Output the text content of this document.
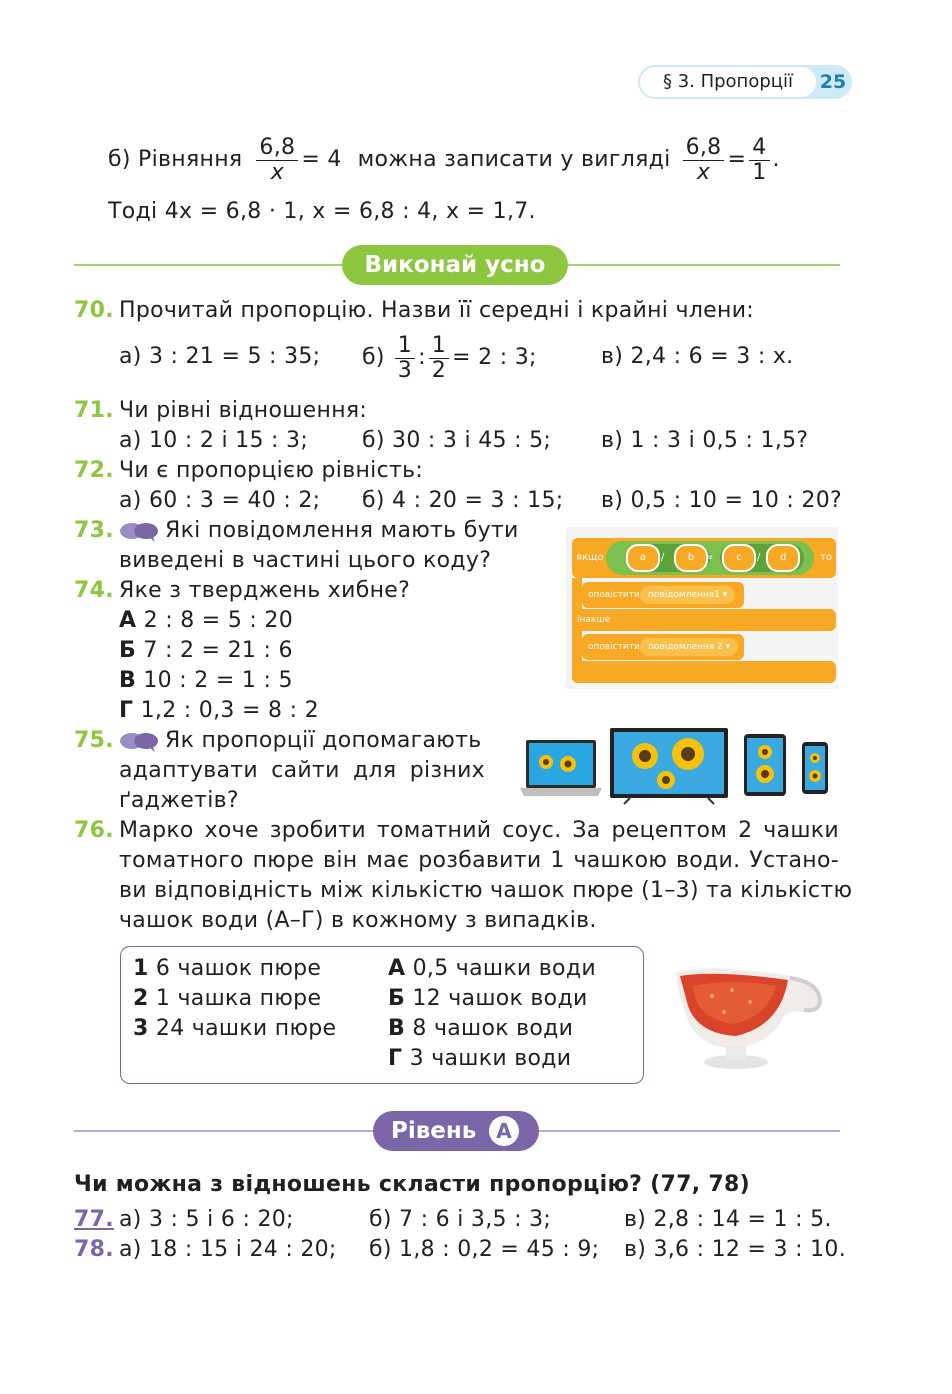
§ 3. Пропорції	25
б) Рівняння $\frac{6,8}{x} = 4$ можна записати у вигляді $\frac{6,8}{x} = \frac{4}{1}$ .
Тоді 4x = 6,8 · 1, x = 6,8 : 4, x = 1,7.
Виконай усно
70. Прочитай пропорцію. Назви її середні і крайні члени:
а) 3 : 21 = 5 : 35; $б) \frac{1}{3}$ : $\frac{1}{2} = 2$ : 3;	в) 2,4 : 6 = 3 : x.
71. Чи рівні відношення:
а) 10 : 2 і 15 : 3; б) 30 : 3 і 45 : 5; в) 1 : 3 і 0,5 : 1,5?
72. Чи є пропорцією рівність:
а) 60 : 3 = 40 : 2; б) 4 : 20 = 3 : 15; в) 0,5 : 10 = 10 : 20?
73.	Які повідомлення мають бути
виведені в частині цього коду?	якщо	a	/	b	=	c	/	d	то
оповістити повідомлення1 ▾
інакше
оповістити повідомлення 2 ▾
74. Яке з тверджень хибне?
А 2 : 8 = 5 : 20
Б 7 : 2 = 21 : 6
В 10 : 2 = 1 : 5
Г 1,2 : 0,3 = 8 : 2
75.	Як пропорції допомагають
адаптувати сайти для різних
ґаджетів?
76. Марко хоче зробити томатний соус. За рецептом 2 чашки
томатного пюре він має розбавити 1 чашкою води. Устано-
ви відповідність між кількістю чашок пюре (1–3) та кількістю
чашок води (А–Г) в кожному з випадків.
1 6 чашок пюре
2 1 чашка пюре
3 24 чашки пюре
А 0,5 чашки води
Б 12 чашок води
В 8 чашок води
Г 3 чашки води
Рівень А
Чи можна з відношень скласти пропорцію? (77, 78)
77. а) 3 : 5 і 6 : 20;	б) 7 : 6 і 3,5 : 3;	в) 2,8 : 14 = 1 : 5.
78. а) 18 : 15 і 24 : 20; б) 1,8 : 0,2 = 45 : 9; в) 3,6 : 12 = 3 : 10.
